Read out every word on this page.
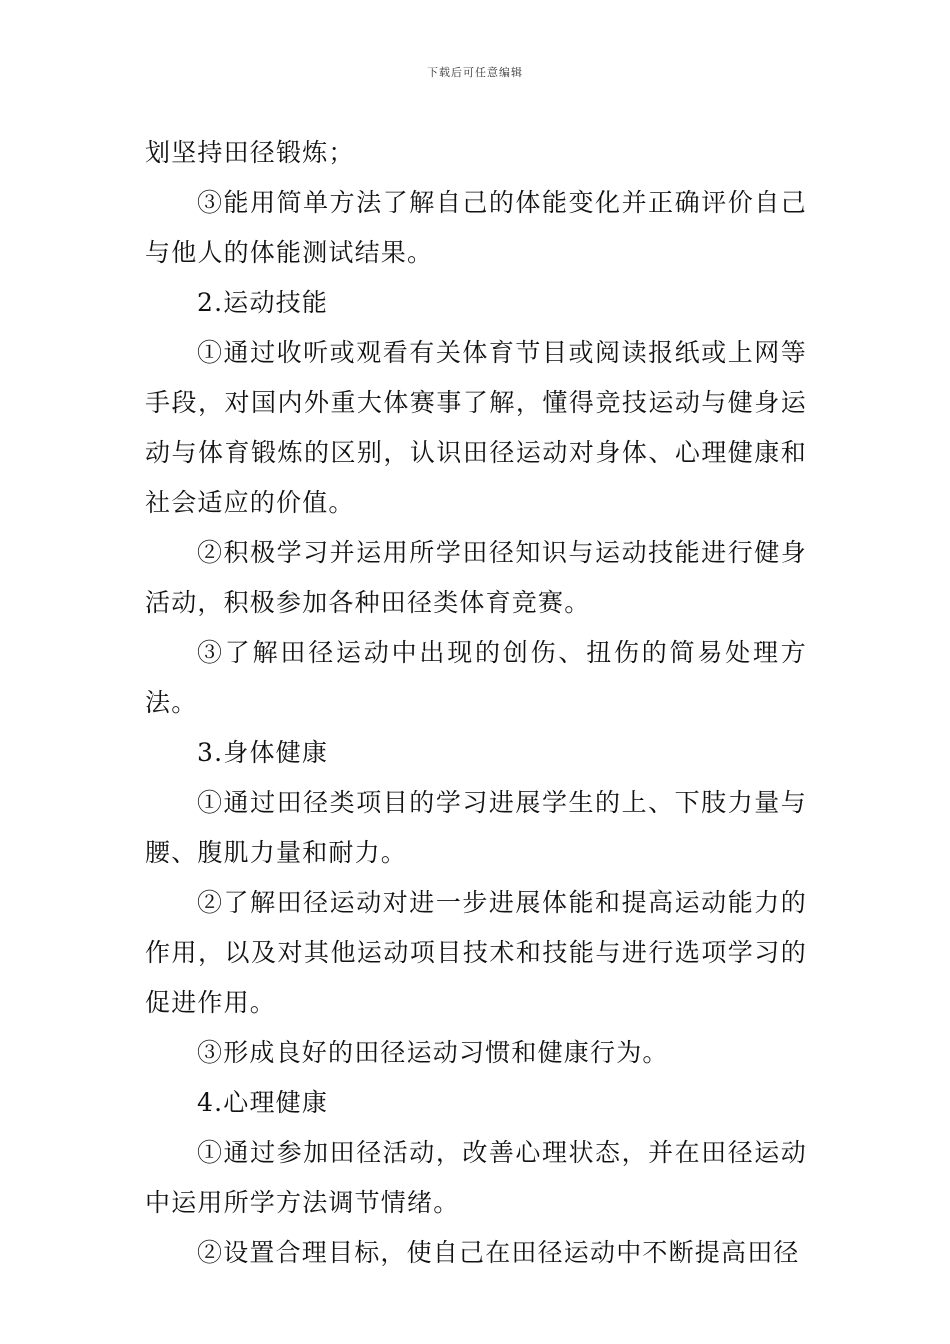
下载后可任意编辑

划坚持田径锻炼；

③能用简单方法了解自己的体能变化并正确评价自己与他人的体能测试结果。

2.运动技能

①通过收听或观看有关体育节目或阅读报纸或上网等手段，对国内外重大体赛事了解，懂得竞技运动与健身运动与体育锻炼的区别，认识田径运动对身体、心理健康和社会适应的价值。

②积极学习并运用所学田径知识与运动技能进行健身活动，积极参加各种田径类体育竞赛。

③了解田径运动中出现的创伤、扭伤的简易处理方法。

3.身体健康

①通过田径类项目的学习进展学生的上、下肢力量与腰、腹肌力量和耐力。

②了解田径运动对进一步进展体能和提高运动能力的作用，以及对其他运动项目技术和技能与进行选项学习的促进作用。

③形成良好的田径运动习惯和健康行为。

4.心理健康

①通过参加田径活动，改善心理状态，并在田径运动中运用所学方法调节情绪。

②设置合理目标，使自己在田径运动中不断提高田径
